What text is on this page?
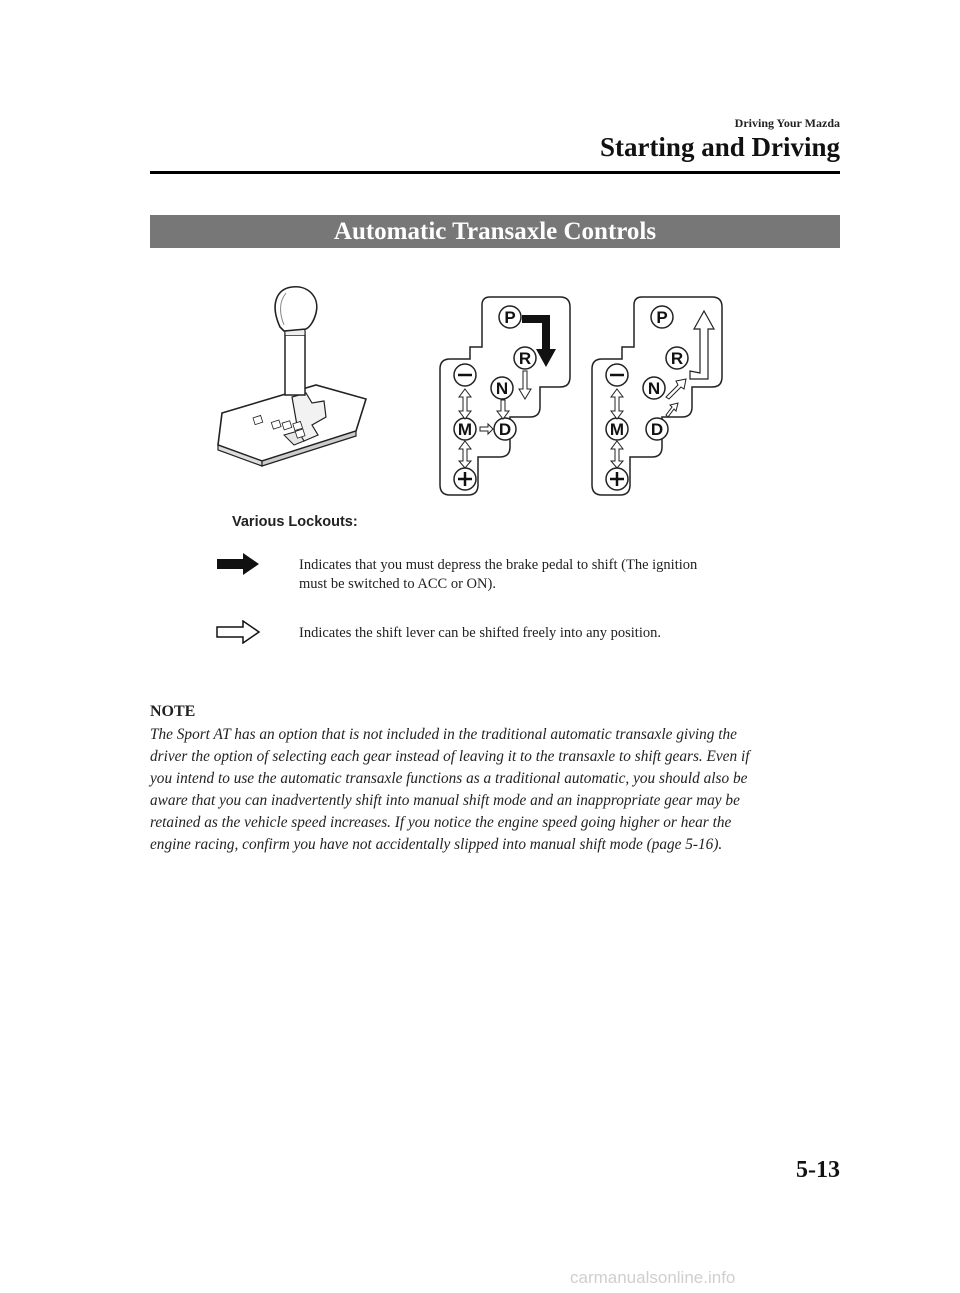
Driving Your Mazda
Starting and Driving
Automatic Transaxle Controls
P
R
N
D
M
P
R
N
D
M
Various Lockouts:
Indicates that you must depress the brake pedal to shift (The ignition
must be switched to ACC or ON).
Indicates the shift lever can be shifted freely into any position.
NOTE
The Sport AT has an option that is not included in the traditional automatic transaxle giving the
driver the option of selecting each gear instead of leaving it to the transaxle to shift gears. Even if
you intend to use the automatic transaxle functions as a traditional automatic, you should also be
aware that you can inadvertently shift into manual shift mode and an inappropriate gear may be
retained as the vehicle speed increases. If you notice the engine speed going higher or hear the
engine racing, confirm you have not accidentally slipped into manual shift mode (page 5-16).
5-13
carmanualsonline.info
